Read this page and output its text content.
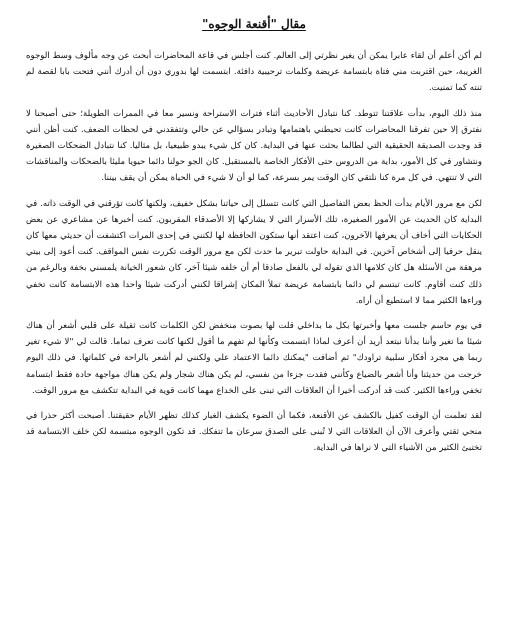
مقال "أقنعة الوجوه"

لم أكن أعلم أن لقاء عابرا يمكن أن يغير نظرتي إلى العالم. كنت أجلس في قاعة المحاضرات أبحث عن وجه مألوف وسط الوجوه الغريبة، حين اقتربت مني فتاة بابتسامة عريضة وكلمات ترحيبية دافئة. ابتسمت لها بدوري دون أن أدرك أنني فتحت بابا لقصة لم تنته كما تمنيت.

منذ ذلك اليوم، بدأت علاقتنا تتوطد. كنا نتبادل الأحاديث أثناء فترات الاستراحة ونسير معا في الممرات الطويلة؛ حتى أصبحنا لا نفترق إلا حين تفرقنا المحاضرات كانت تحيطني باهتمامها وتبادر بسؤالي عن حالي وتتفقدني في لحظات الضعف. كنت أظن أنني قد وجدت الصديقة الحقيقية التي لطالما بحثت عنها في البداية. كان كل شيء يبدو طبيعيا، بل مثاليا. كنا نتبادل الضحكات الصغيرة ونتشاور في كل الأمور، بداية من الدروس حتى الأفكار الخاصة بالمستقبل. كان الجو حولنا دائما حيويا مليئا بالضحكات والمناقشات التي لا تنتهي. في كل مرة كنا نلتقي كان الوقت يمر بسرعة، كما لو أن لا شيء في الحياة يمكن أن يقف بيننا.

لكن مع مرور الأيام بدأت الحظ بعض التفاصيل التي كانت تتسلل إلى حياتنا بشكل خفيف، ولكنها كانت تؤرقني في الوقت ذاته. في البداية كان الحديث عن الأمور الصغيرة، تلك الأسرار التي لا يشاركها إلا الأصدقاء المقربون. كنت أخبرها عن مشاعري عن بعض الحكايات التي أخاف أن يعرفها الآخرون، كنت اعتقد أنها ستكون الحافظة لها لكنني في إحدى المرات اكتشفت أن حديثي معها كان ينقل حرفيا إلى أشخاص آخرين. في البداية حاولت تبرير ما حدث لكن مع مرور الوقت تكررت نفس المواقف. كنت أعود إلى بيتي مرهقة من الأسئلة هل كان كلامها الذي تقوله لي بالفعل صادقا أم أن خلفه شيئا آخر، كان شعور الخيانة يلمسني بخفة وبالرغم من ذلك كنت أقاوم. كانت تبتسم لي دائما بابتسامة عريضة تملأ المكان إشراقا لكنني أدركت شيئا واحدا هذه الابتسامة كانت تخفي وراءها الكثير مما لا استطيع أن أراه.

في يوم حاسم جلست معها وأخبرتها بكل ما بداخلي قلت لها بصوت منخفض لكن الكلمات كانت ثقيلة على قلبي أشعر أن هناك شيئا ما تغير وأننا بدأنا نبتعد أريد أن أعرف لماذا ابتسمت وكأنها لم تفهم ما أقول لكنها كانت تعرف تماما. قالت لي "لا شيء تغير ربما هي مجرد أفكار سلبية تراودك" ثم أضافت "يمكنك دائما الاعتماد علي ولكنني لم أشعر بالراحة في كلماتها. في ذلك اليوم خرجت من حديثنا وأنا أشعر بالضياع وكأنني فقدت جزءا من نفسي، لم يكن هناك شجار ولم يكن هناك مواجهة حادة فقط ابتسامة تخفي وراءها الكثير. كنت قد أدركت أخيرا أن العلاقات التي تبنى على الخداع مهما كانت قوية في البداية تتكشف مع مرور الوقت.

لقد تعلمت أن الوقت كفيل بالكشف عن الأقنعة، فكما أن الضوء يكشف الغبار كذلك تظهر الأيام حقيقتنا. أصبحت أكثر حذرا في منحي ثقتي وأعرف الآن أن العلاقات التي لا تُبنى على الصدق سرعان ما تتفكك. قد تكون الوجوه مبتسمة لكن خلف الابتسامة قد تختبئ الكثير من الأشياء التي لا نراها في البداية.
